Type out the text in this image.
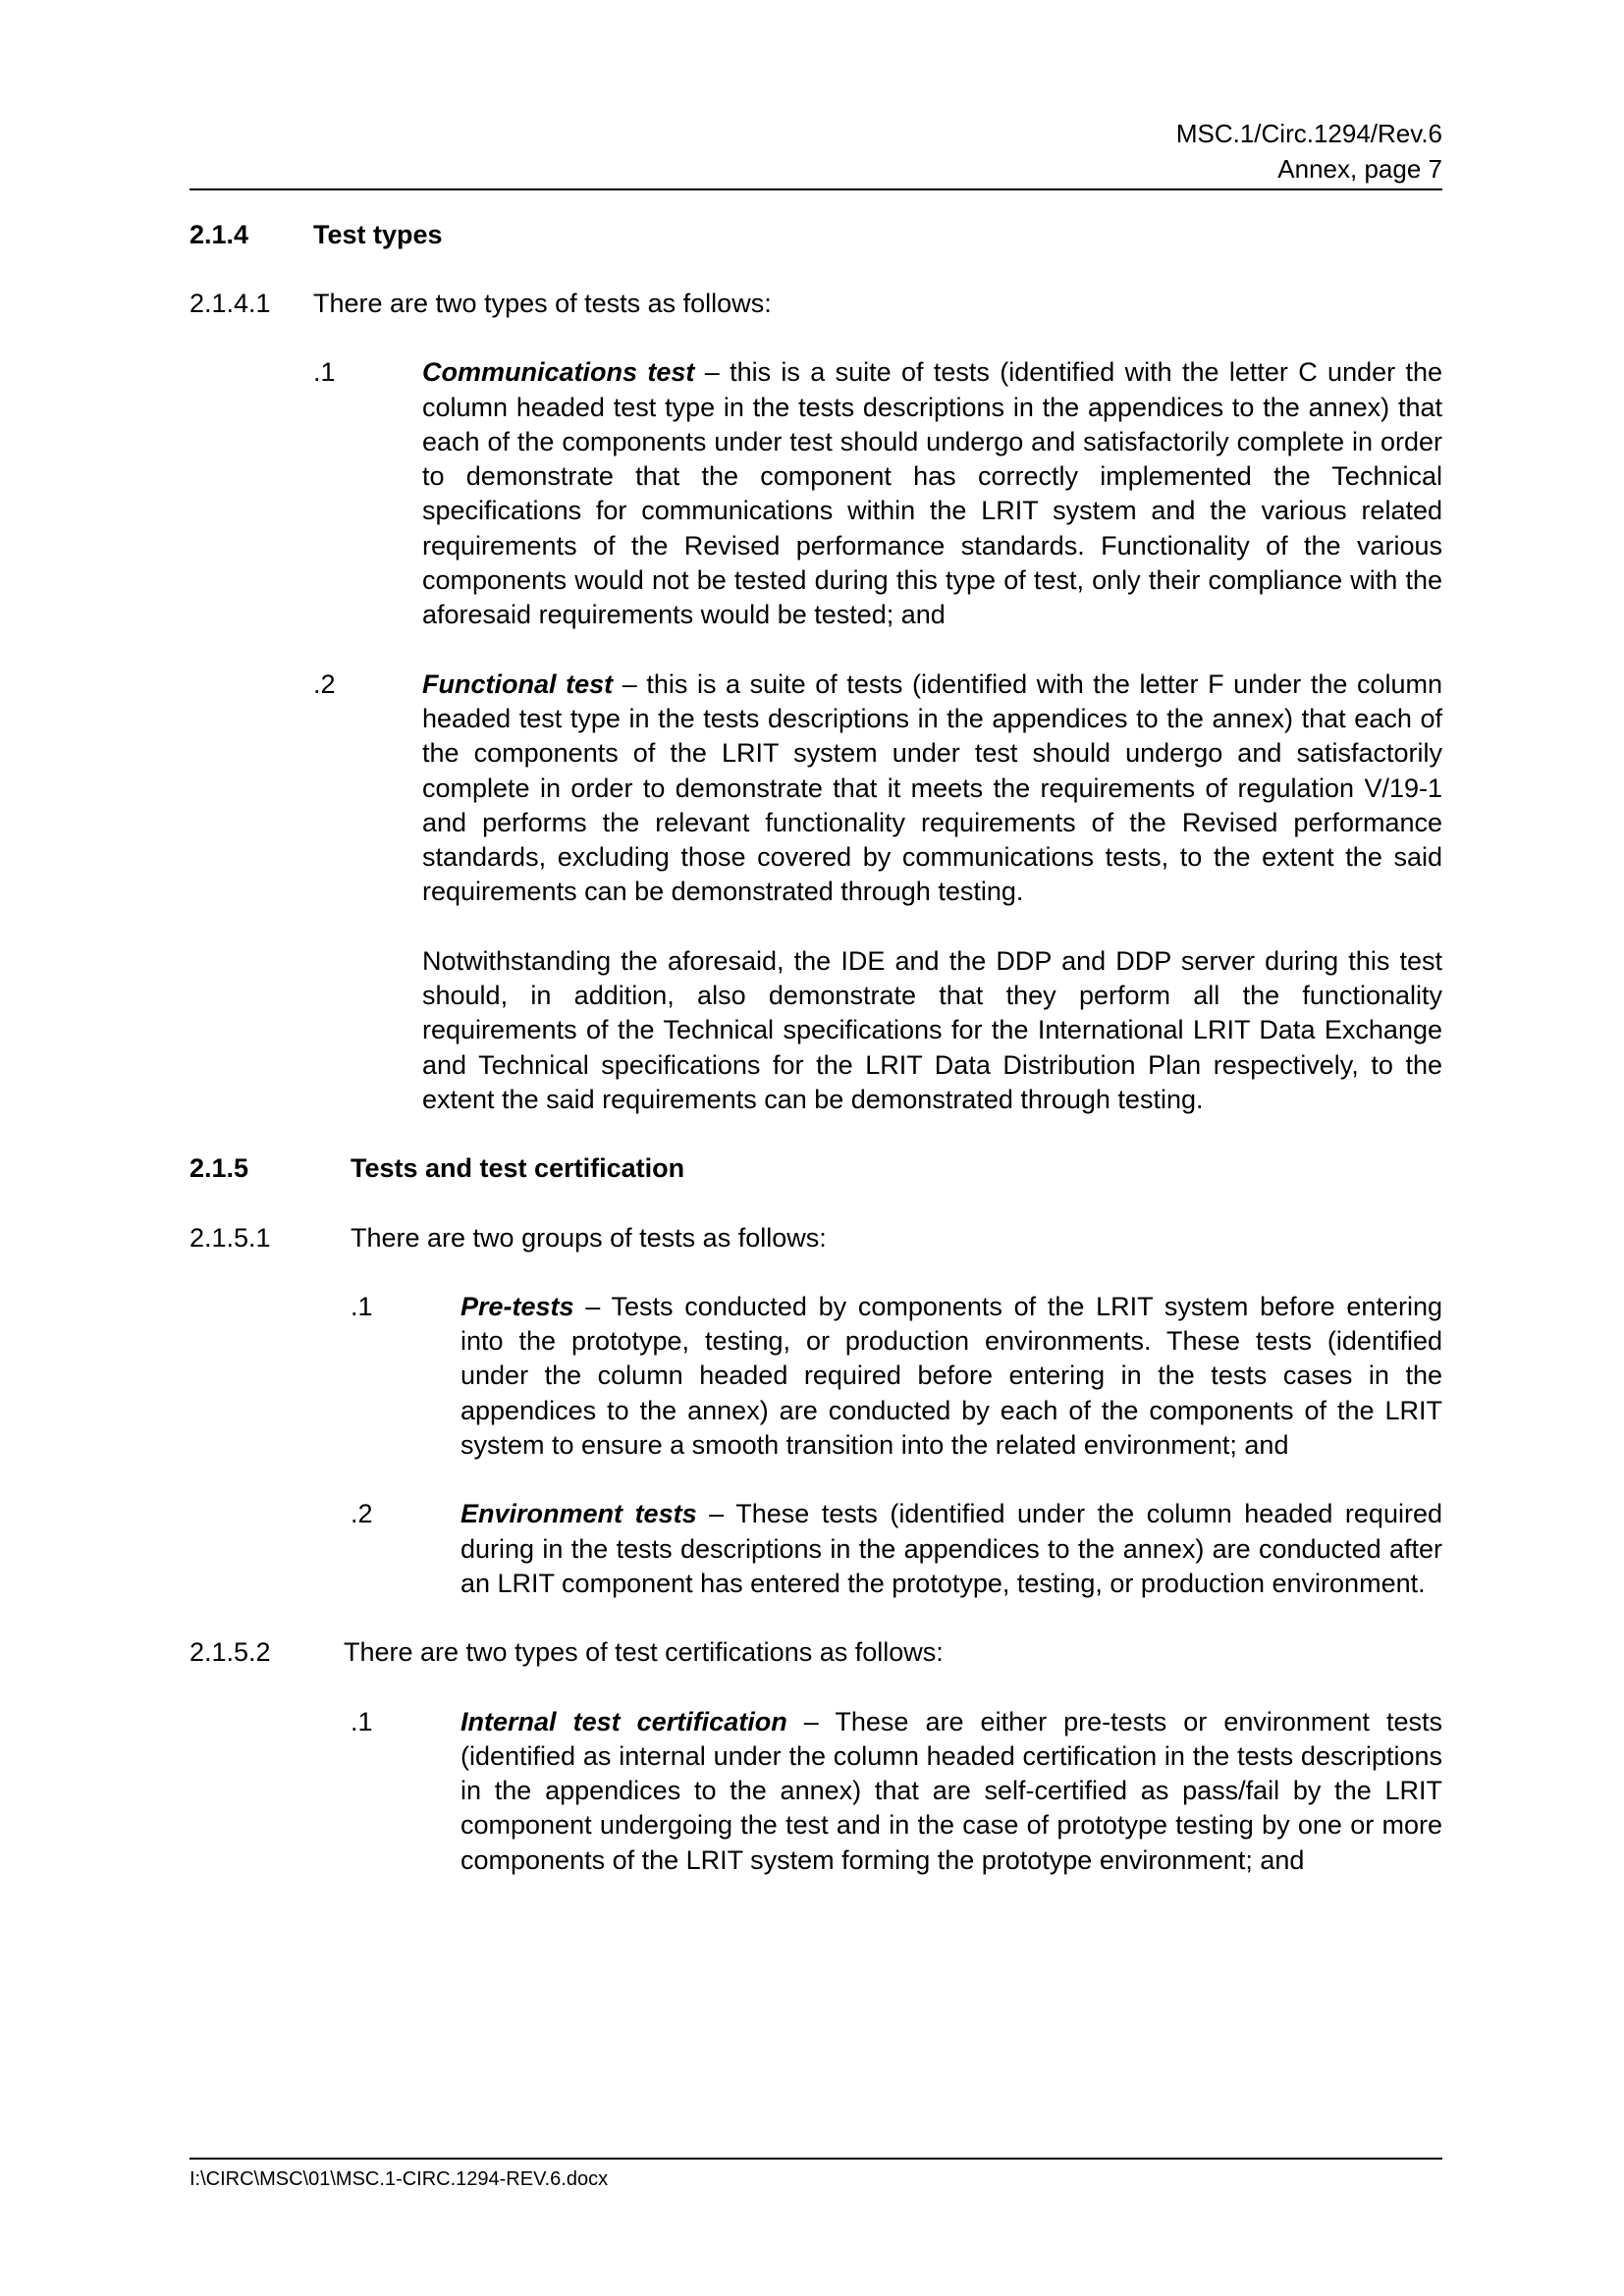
MSC.1/Circ.1294/Rev.6
Annex, page 7
2.1.4	Test types
2.1.4.1	There are two types of tests as follows:
.1	Communications test – this is a suite of tests (identified with the letter C under the column headed test type in the tests descriptions in the appendices to the annex) that each of the components under test should undergo and satisfactorily complete in order to demonstrate that the component has correctly implemented the Technical specifications for communications within the LRIT system and the various related requirements of the Revised performance standards. Functionality of the various components would not be tested during this type of test, only their compliance with the aforesaid requirements would be tested; and

.2	Functional test – this is a suite of tests (identified with the letter F under the column headed test type in the tests descriptions in the appendices to the annex) that each of the components of the LRIT system under test should undergo and satisfactorily complete in order to demonstrate that it meets the requirements of regulation V/19-1 and performs the relevant functionality requirements of the Revised performance standards, excluding those covered by communications tests, to the extent the said requirements can be demonstrated through testing.

Notwithstanding the aforesaid, the IDE and the DDP and DDP server during this test should, in addition, also demonstrate that they perform all the functionality requirements of the Technical specifications for the International LRIT Data Exchange and Technical specifications for the LRIT Data Distribution Plan respectively, to the extent the said requirements can be demonstrated through testing.

2.1.5	Tests and test certification
2.1.5.1	There are two groups of tests as follows:
.1	Pre-tests – Tests conducted by components of the LRIT system before entering into the prototype, testing, or production environments. These tests (identified under the column headed required before entering in the tests cases in the appendices to the annex) are conducted by each of the components of the LRIT system to ensure a smooth transition into the related environment; and

.2	Environment tests – These tests (identified under the column headed required during in the tests descriptions in the appendices to the annex) are conducted after an LRIT component has entered the prototype, testing, or production environment.

2.1.5.2	There are two types of test certifications as follows:
.1	Internal test certification – These are either pre-tests or environment tests (identified as internal under the column headed certification in the tests descriptions in the appendices to the annex) that are self-certified as pass/fail by the LRIT component undergoing the test and in the case of prototype testing by one or more components of the LRIT system forming the prototype environment; and

I:\CIRC\MSC\01\MSC.1-CIRC.1294-REV.6.docx
